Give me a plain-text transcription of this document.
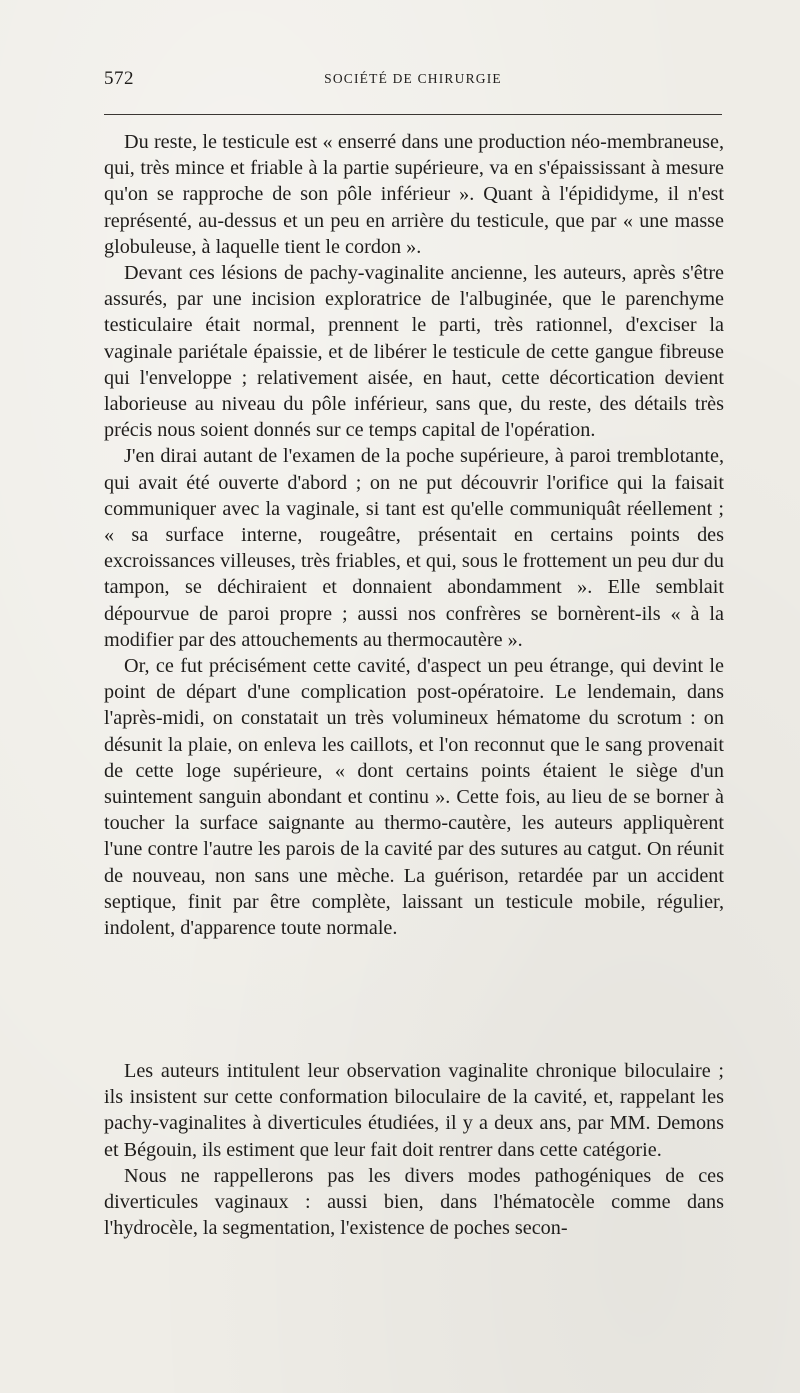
572	SOCIÉTÉ DE CHIRURGIE

Du reste, le testicule est « enserré dans une production néo-membraneuse, qui, très mince et friable à la partie supérieure, va en s'épaississant à mesure qu'on se rapproche de son pôle inférieur ». Quant à l'épididyme, il n'est représenté, au-dessus et un peu en arrière du testicule, que par « une masse globuleuse, à laquelle tient le cordon ».

Devant ces lésions de pachy-vaginalite ancienne, les auteurs, après s'être assurés, par une incision exploratrice de l'albuginée, que le parenchyme testiculaire était normal, prennent le parti, très rationnel, d'exciser la vaginale pariétale épaissie, et de libérer le testicule de cette gangue fibreuse qui l'enveloppe ; relativement aisée, en haut, cette décortication devient laborieuse au niveau du pôle inférieur, sans que, du reste, des détails très précis nous soient donnés sur ce temps capital de l'opération.

J'en dirai autant de l'examen de la poche supérieure, à paroi tremblotante, qui avait été ouverte d'abord ; on ne put découvrir l'orifice qui la faisait communiquer avec la vaginale, si tant est qu'elle communiquât réellement ; « sa surface interne, rougeâtre, présentait en certains points des excroissances villeuses, très friables, et qui, sous le frottement un peu dur du tampon, se déchiraient et donnaient abondamment ». Elle semblait dépourvue de paroi propre ; aussi nos confrères se bornèrent-ils « à la modifier par des attouchements au thermocautère ».

Or, ce fut précisément cette cavité, d'aspect un peu étrange, qui devint le point de départ d'une complication post-opératoire. Le lendemain, dans l'après-midi, on constatait un très volumineux hématome du scrotum : on désunit la plaie, on enleva les caillots, et l'on reconnut que le sang provenait de cette loge supérieure, « dont certains points étaient le siège d'un suintement sanguin abondant et continu ». Cette fois, au lieu de se borner à toucher la surface saignante au thermo-cautère, les auteurs appliquèrent l'une contre l'autre les parois de la cavité par des sutures au catgut. On réunit de nouveau, non sans une mèche. La guérison, retardée par un accident septique, finit par être complète, laissant un testicule mobile, régulier, indolent, d'apparence toute normale.

Les auteurs intitulent leur observation vaginalite chronique biloculaire ; ils insistent sur cette conformation biloculaire de la cavité, et, rappelant les pachy-vaginalites à diverticules étudiées, il y a deux ans, par MM. Demons et Bégouin, ils estiment que leur fait doit rentrer dans cette catégorie.

Nous ne rappellerons pas les divers modes pathogéniques de ces diverticules vaginaux : aussi bien, dans l'hématocèle comme dans l'hydrocèle, la segmentation, l'existence de poches secon-
